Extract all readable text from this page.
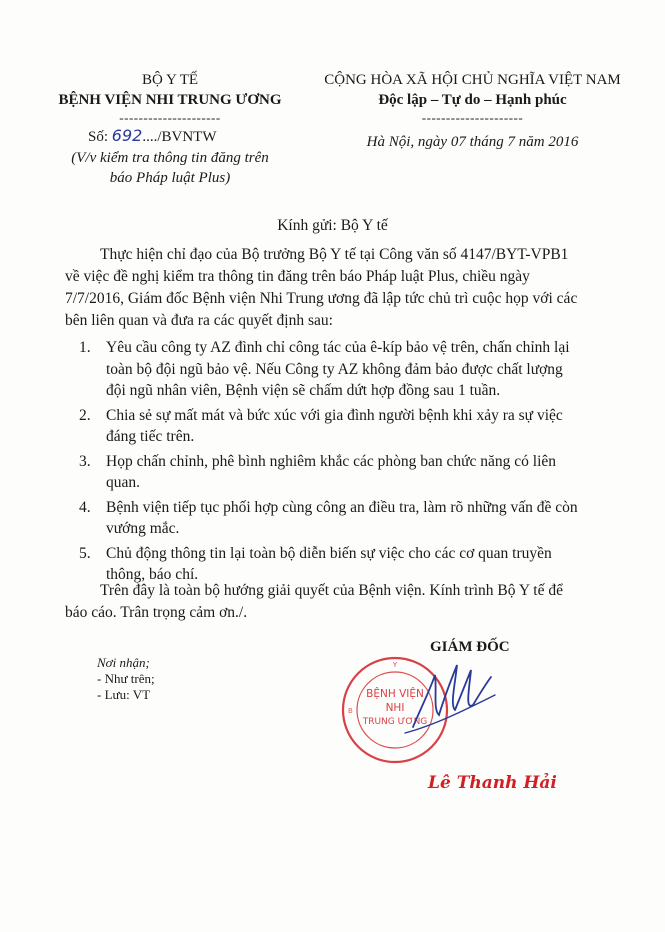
BỘ Y TẾ
BỆNH VIỆN NHI TRUNG ƯƠNG
---------------------
Số: 692..../BVNTW
(V/v kiểm tra thông tin đăng trên
báo Pháp luật Plus)
CỘNG HÒA XÃ HỘI CHỦ NGHĨA VIỆT NAM
Độc lập – Tự do – Hạnh phúc
---------------------
Hà Nội, ngày 07 tháng 7 năm 2016
Kính gửi: Bộ Y tế
Thực hiện chỉ đạo của Bộ trưởng Bộ Y tế tại Công văn số 4147/BYT-VPB1
về việc đề nghị kiểm tra thông tin đăng trên báo Pháp luật Plus, chiều ngày
7/7/2016, Giám đốc Bệnh viện Nhi Trung ương đã lập tức chủ trì cuộc họp với các
bên liên quan và đưa ra các quyết định sau:
1. Yêu cầu công ty AZ đình chỉ công tác của ê-kíp bảo vệ trên, chấn chỉnh lại
toàn bộ đội ngũ bảo vệ. Nếu Công ty AZ không đảm bảo được chất lượng
đội ngũ nhân viên, Bệnh viện sẽ chấm dứt hợp đồng sau 1 tuần.
2. Chia sẻ sự mất mát và bức xúc với gia đình người bệnh khi xảy ra sự việc
đáng tiếc trên.
3. Họp chấn chỉnh, phê bình nghiêm khắc các phòng ban chức năng có liên
quan.
4. Bệnh viện tiếp tục phối hợp cùng công an điều tra, làm rõ những vấn đề còn
vướng mắc.
5. Chủ động thông tin lại toàn bộ diễn biến sự việc cho các cơ quan truyền
thông, báo chí.
Trên đây là toàn bộ hướng giải quyết của Bệnh viện. Kính trình Bộ Y tế để
báo cáo. Trân trọng cảm ơn./.
Nơi nhận;
- Như trên;
- Lưu: VT
GIÁM ĐỐC
Y
B
BỆNH VIỆN
NHI
TRUNG ƯƠNG
Lê Thanh Hải
